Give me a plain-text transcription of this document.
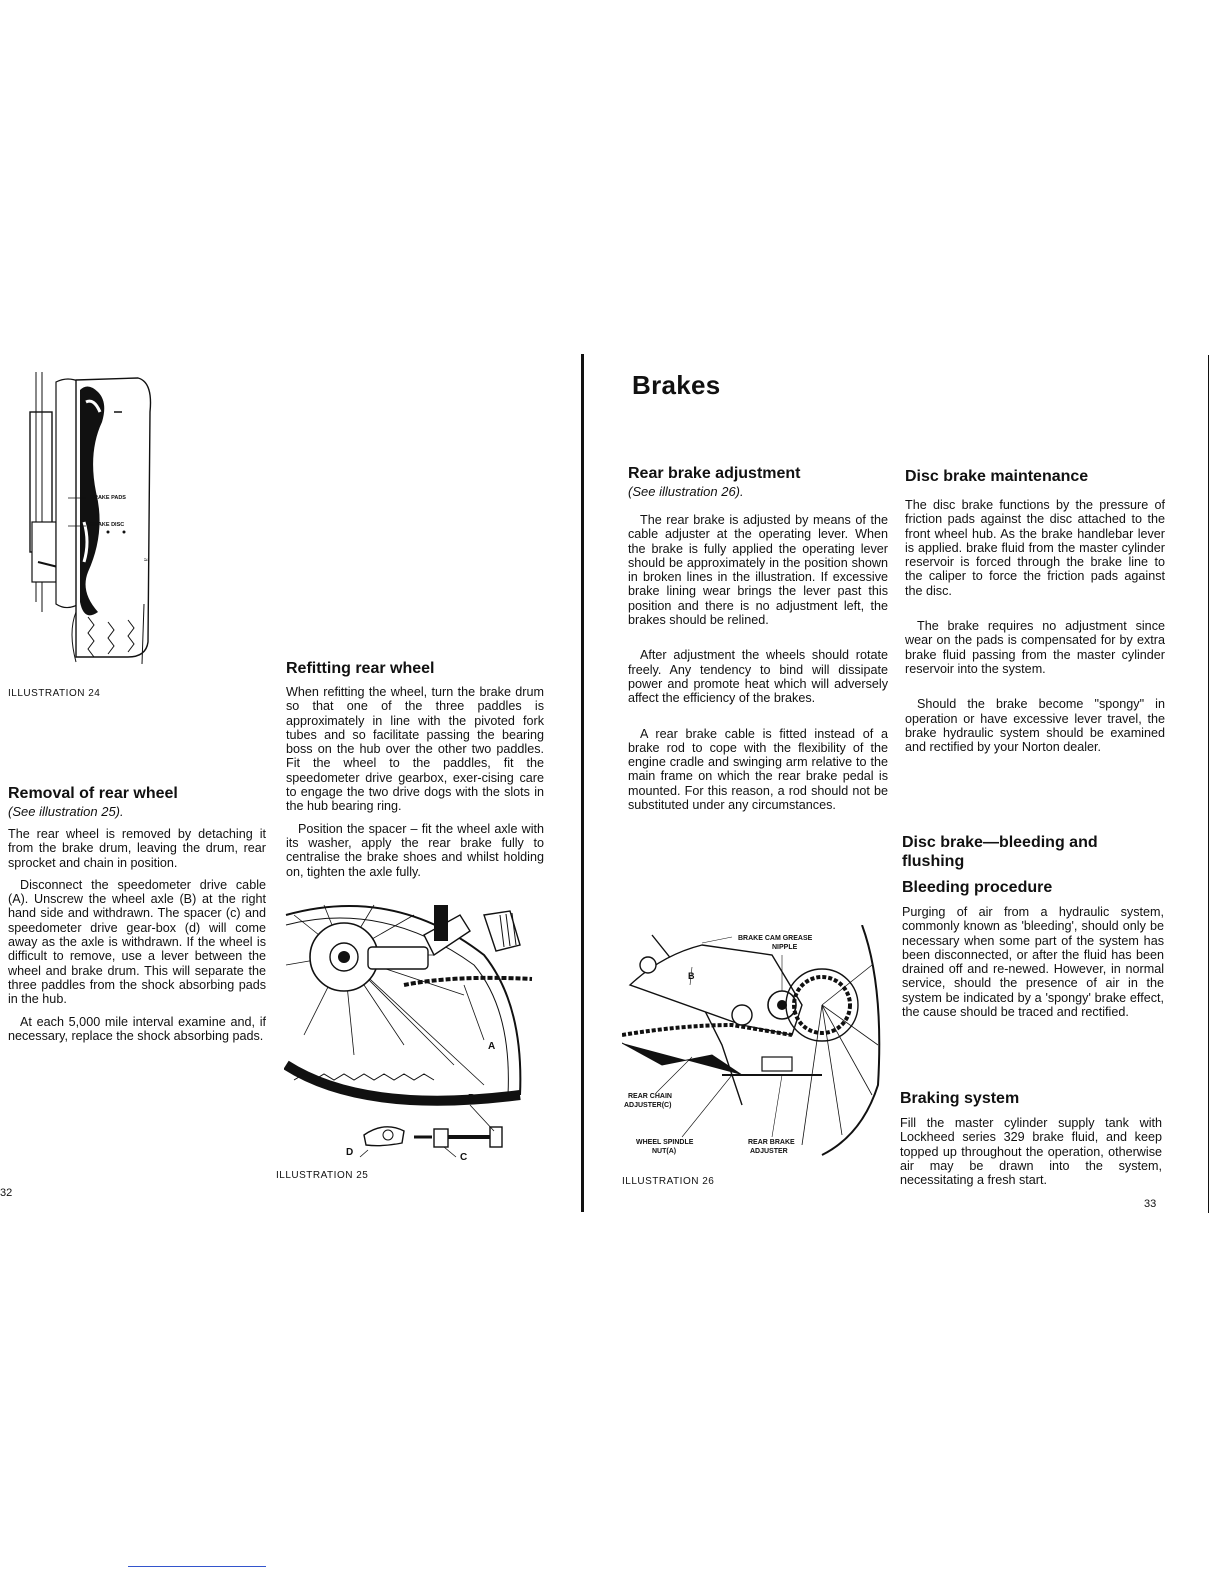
≈
BRAKE PADS
BRAKE DISC
ILLUSTRATION 24
Removal of rear wheel
(See illustration 25).

The rear wheel is removed by detaching it from the brake drum, leaving the drum, rear sprocket and chain in position.

Disconnect the speedometer drive cable (A). Unscrew the wheel axle (B) at the right hand side and withdrawn. The spacer (c) and speedometer drive gear-box (d) will come away as the axle is withdrawn. If the wheel is difficult to remove, use a lever between the wheel and brake drum. This will separate the three paddles from the shock absorbing pads in the hub.

At each 5,000 mile interval examine and, if necessary, replace the shock absorbing pads.

Refitting rear wheel

When refitting the wheel, turn the brake drum so that one of the three paddles is approximately in line with the pivoted fork tubes and so facilitate passing the bearing boss on the hub over the other two paddles. Fit the wheel to the paddles, fit the speedometer drive gearbox, exer-cising care to engage the two drive dogs with the slots in the hub bearing ring.

Position the spacer – fit the wheel axle with its washer, apply the rear brake fully to centralise the brake shoes and whilst holding on, tighten the axle fully.

A
B
C
D
ILLUSTRATION 25
32
Brakes
Rear brake adjustment
(See illustration 26).

The rear brake is adjusted by means of the cable adjuster at the operating lever. When the brake is fully applied the operating lever should be approximately in the position shown in broken lines in the illustration. If excessive brake lining wear brings the lever past this position and there is no adjustment left, the brakes should be relined.

After adjustment the wheels should rotate freely. Any tendency to bind will dissipate power and promote heat which will adversely affect the efficiency of the brakes.

A rear brake cable is fitted instead of a brake rod to cope with the flexibility of the engine cradle and swinging arm relative to the main frame on which the rear brake pedal is mounted. For this reason, a rod should not be substituted under any circumstances.

BRAKE CAM GREASE
NIPPLE
B
REAR CHAIN
ADJUSTER(C)
WHEEL SPINDLE
NUT(A)
REAR BRAKE
ADJUSTER
ILLUSTRATION 26
Disc brake maintenance

The disc brake functions by the pressure of friction pads against the disc attached to the front wheel hub. As the brake handlebar lever is applied. brake fluid from the master cylinder reservoir is forced through the brake line to the caliper to force the friction pads against the disc.

The brake requires no adjustment since wear on the pads is compensated for by extra brake fluid passing from the master cylinder reservoir into the system.

Should the brake become "spongy" in operation or have excessive lever travel, the brake hydraulic system should be examined and rectified by your Norton dealer.

Disc brake—bleeding and flushing
Bleeding procedure

Purging of air from a hydraulic system, commonly known as 'bleeding', should only be necessary when some part of the system has been disconnected, or after the fluid has been drained off and re-newed. However, in normal service, should the presence of air in the system be indicated by a 'spongy' brake effect, the cause should be traced and rectified.

Braking system

Fill the master cylinder supply tank with Lockheed series 329 brake fluid, and keep topped up throughout the operation, otherwise air may be drawn into the system, necessitating a fresh start.

33
